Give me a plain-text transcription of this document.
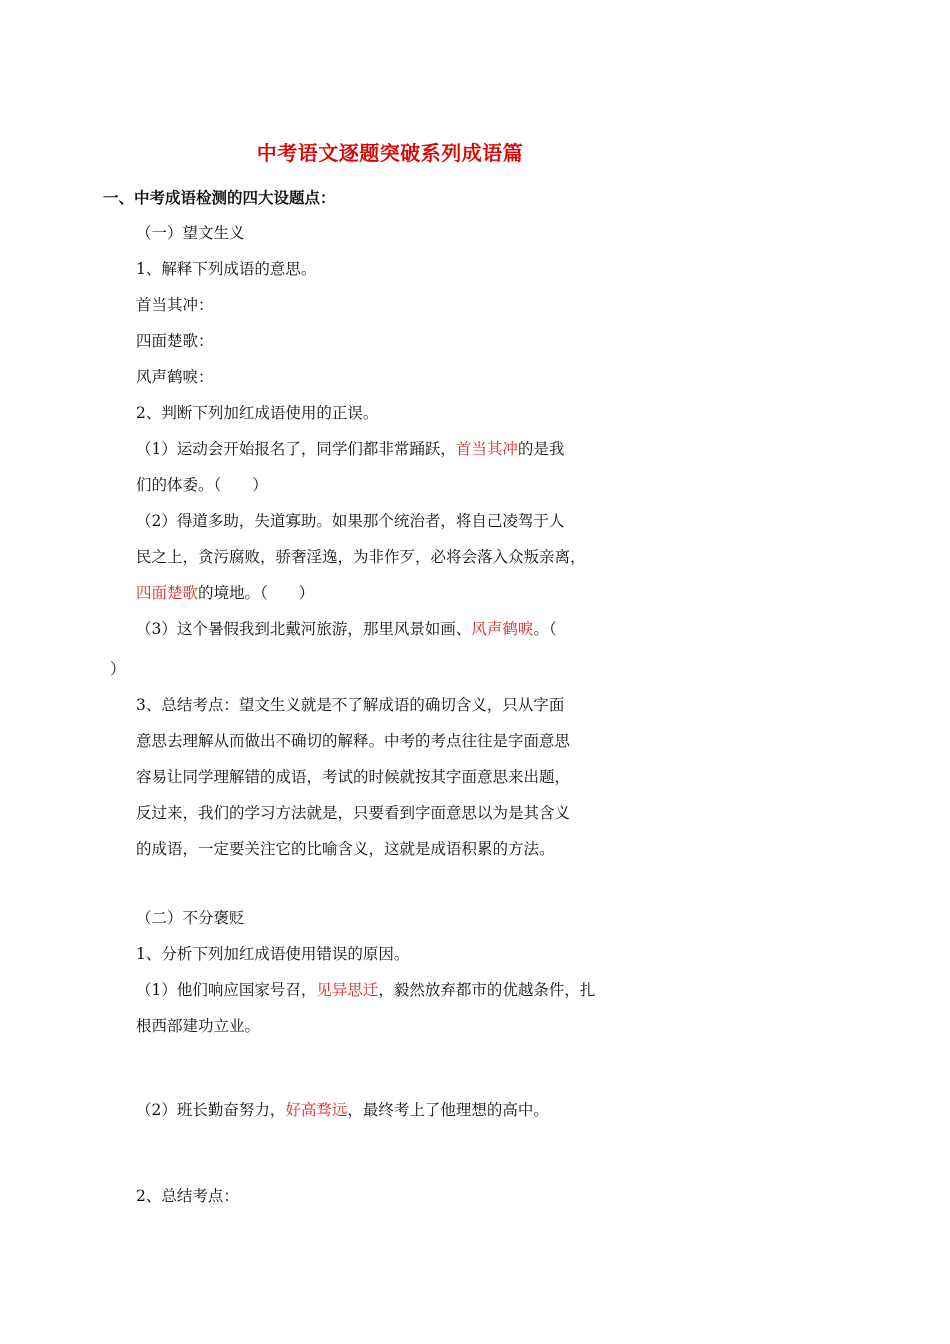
中考语文逐题突破系列成语篇
一、中考成语检测的四大设题点：
（一）望文生义
1、解释下列成语的意思。
首当其冲：
四面楚歌：
风声鹤唳：
2、判断下列加红成语使用的正误。
（1）运动会开始报名了，同学们都非常踊跃，首当其冲的是我
们的体委。（　　）
（2）得道多助，失道寡助。如果那个统治者，将自己凌驾于人
民之上，贪污腐败，骄奢淫逸，为非作歹，必将会落入众叛亲离，
四面楚歌的境地。（　　）
（3）这个暑假我到北戴河旅游，那里风景如画、风声鹤唳。（
）
3、总结考点：望文生义就是不了解成语的确切含义，只从字面
意思去理解从而做出不确切的解释。中考的考点往往是字面意思
容易让同学理解错的成语，考试的时候就按其字面意思来出题，
反过来，我们的学习方法就是，只要看到字面意思以为是其含义
的成语，一定要关注它的比喻含义，这就是成语积累的方法。
（二）不分褒贬
1、分析下列加红成语使用错误的原因。
（1）他们响应国家号召，见异思迁，毅然放弃都市的优越条件，扎
根西部建功立业。
（2）班长勤奋努力，好高骛远，最终考上了他理想的高中。
2、总结考点：
